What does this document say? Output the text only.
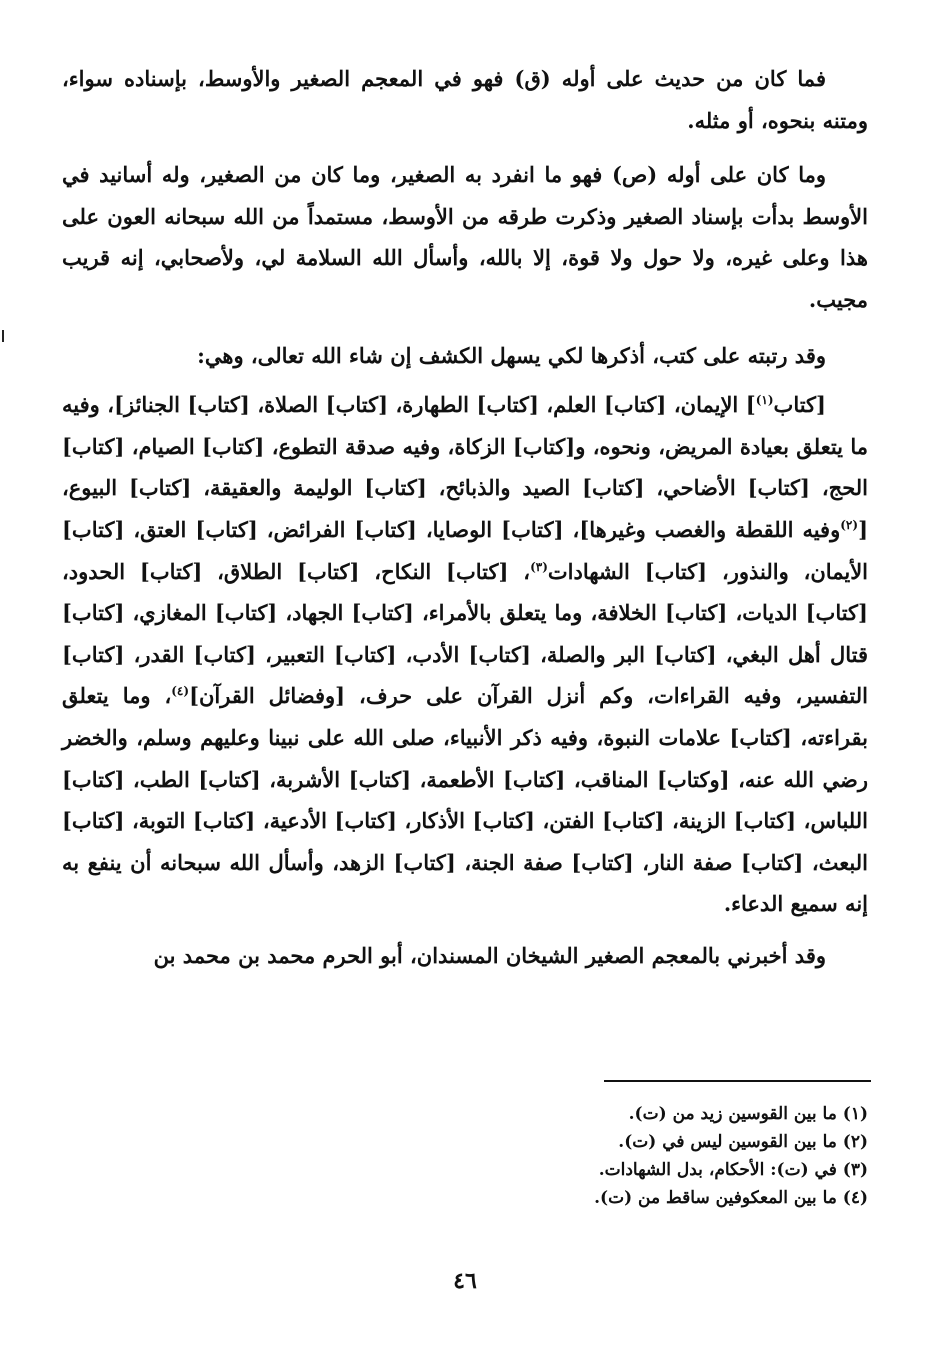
فما كان من حديث على أوله (ق) فهو في المعجم الصغير والأوسط، بإسناده سواء، ومتنه بنحوه، أو مثله.

وما كان على أوله (ص) فهو ما انفرد به الصغير، وما كان من الصغير، وله أسانيد في الأوسط بدأت بإسناد الصغير وذكرت طرقه من الأوسط، مستمداً من الله سبحانه العون على هذا وعلى غيره، ولا حول ولا قوة، إلا بالله، وأسأل الله السلامة لي، ولأصحابي، إنه قريب مجيب.

وقد رتبته على كتب، أذكرها لكي يسهل الكشف إن شاء الله تعالى، وهي:

[كتاب$^{(١)}$] الإيمان، [كتاب] العلم، [كتاب] الطهارة، [كتاب] الصلاة، [كتاب] الجنائز]، وفيه ما يتعلق بعيادة المريض، ونحوه، و[كتاب] الزكاة، وفيه صدقة التطوع، [كتاب] الصيام، [كتاب] الحج، [كتاب] الأضاحي، [كتاب] الصيد والذبائح، [كتاب] الوليمة والعقيقة، [كتاب] البيوع، [$^{(٢)}$وفيه اللقطة والغصب وغيرها]، [كتاب] الوصايا، [كتاب] الفرائض، [كتاب] العتق، [كتاب] الأيمان، والنذور، [كتاب] الشهادات$^{(٣)}$، [كتاب] النكاح، [كتاب] الطلاق، [كتاب] الحدود، [كتاب] الديات، [كتاب] الخلافة، وما يتعلق بالأمراء، [كتاب] الجهاد، [كتاب] المغازي، [كتاب] قتال أهل البغي، [كتاب] البر والصلة، [كتاب] الأدب، [كتاب] التعبير، [كتاب] القدر، [كتاب] التفسير، وفيه القراءات، وكم أنزل القرآن على حرف، [وفضائل القرآن]$^{(٤)}$، وما يتعلق بقراءته، [كتاب] علامات النبوة، وفيه ذكر الأنبياء، صلى الله على نبينا وعليهم وسلم، والخضر رضي الله عنه، [وكتاب] المناقب، [كتاب] الأطعمة، [كتاب] الأشربة، [كتاب] الطب، [كتاب] اللباس، [كتاب] الزينة، [كتاب] الفتن، [كتاب] الأذكار، [كتاب] الأدعية، [كتاب] التوبة، [كتاب] البعث، [كتاب] صفة النار، [كتاب] صفة الجنة، [كتاب] الزهد، وأسأل الله سبحانه أن ينفع به إنه سميع الدعاء.

وقد أخبرني بالمعجم الصغير الشيخان المسندان، أبو الحرم محمد بن محمد بن

(١) ما بين القوسين زيد من (ت).

(٢) ما بين القوسين ليس في (ت).

(٣) في (ت): الأحكام، بدل الشهادات.

(٤) ما بين المعكوفين ساقط من (ت).

٤٦
